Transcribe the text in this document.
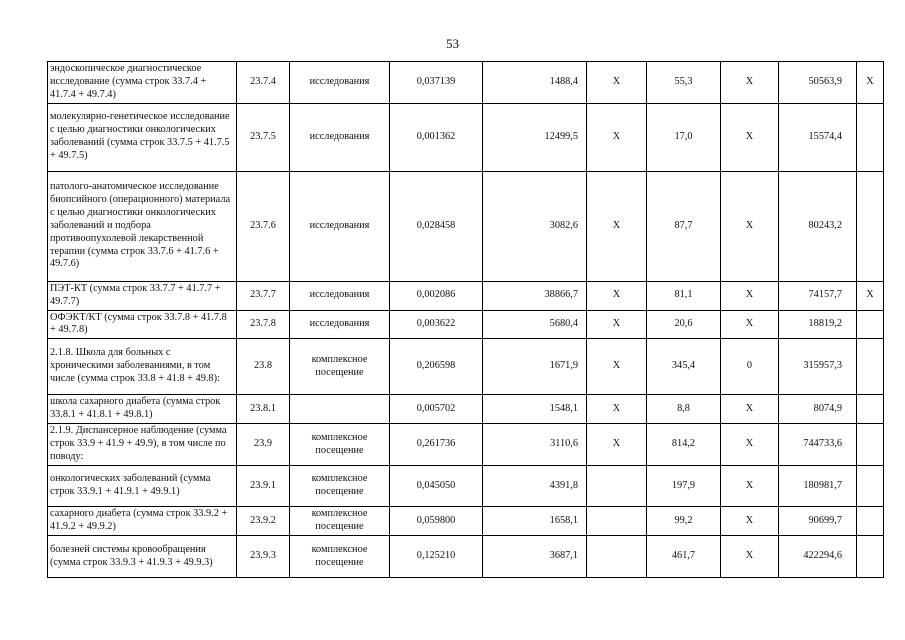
53
эндоскопическое диагностическое исследование (сумма строк 33.7.4 + 41.7.4 + 49.7.4)	23.7.4	исследования		0,037139	1488,4	X	55,3	X	50563,9	X
молекулярно-генетическое исследование с целью диагностики онкологических заболеваний (сумма строк 33.7.5 + 41.7.5 + 49.7.5)	23.7.5	исследования		0,001362	12499,5	X	17,0	X	15574,4	
патолого-анатомическое исследование биопсийного (операционного) материала с целью диагностики онкологических заболеваний и подбора противоопухолевой лекарственной терапии (сумма строк 33.7.6 + 41.7.6 + 49.7.6)	23.7.6	исследования		0,028458	3082,6	X	87,7	X	80243,2	
ПЭТ-КТ (сумма строк 33.7.7 + 41.7.7 + 49.7.7)	23.7.7	исследования		0,002086	38866,7	X	81,1	X	74157,7	X
ОФЭКТ/КТ (сумма строк 33.7.8 + 41.7.8 + 49.7.8)	23.7.8	исследования		0,003622	5680,4	X	20,6	X	18819,2	
2.1.8. Школа для больных с хроническими заболеваниями, в том числе (сумма строк 33.8 + 41.8 + 49.8):	23.8	комплексное посещение		0,206598	1671,9	X	345,4	0	315957,3	
школа сахарного диабета (сумма строк 33.8.1 + 41.8.1 + 49.8.1)	23.8.1			0,005702	1548,1	X	8,8	X	8074,9	
2.1.9. Диспансерное наблюдение (сумма строк 33.9 + 41.9 + 49.9), в том числе по поводу:	23.9	комплексное посещение		0,261736	3110,6	X	814,2	X	744733,6	
онкологических заболеваний (сумма строк 33.9.1 + 41.9.1 + 49.9.1)	23.9.1	комплексное посещение		0,045050	4391,8		197,9	X	180981,7	
сахарного диабета (сумма строк 33.9.2 + 41.9.2 + 49.9.2)	23.9.2	комплексное посещение		0,059800	1658,1		99,2	X	90699,7	
болезней системы кровообращения (сумма строк 33.9.3 + 41.9.3 + 49.9.3)	23.9.3	комплексное посещение		0,125210	3687,1		461,7	X	422294,6	
